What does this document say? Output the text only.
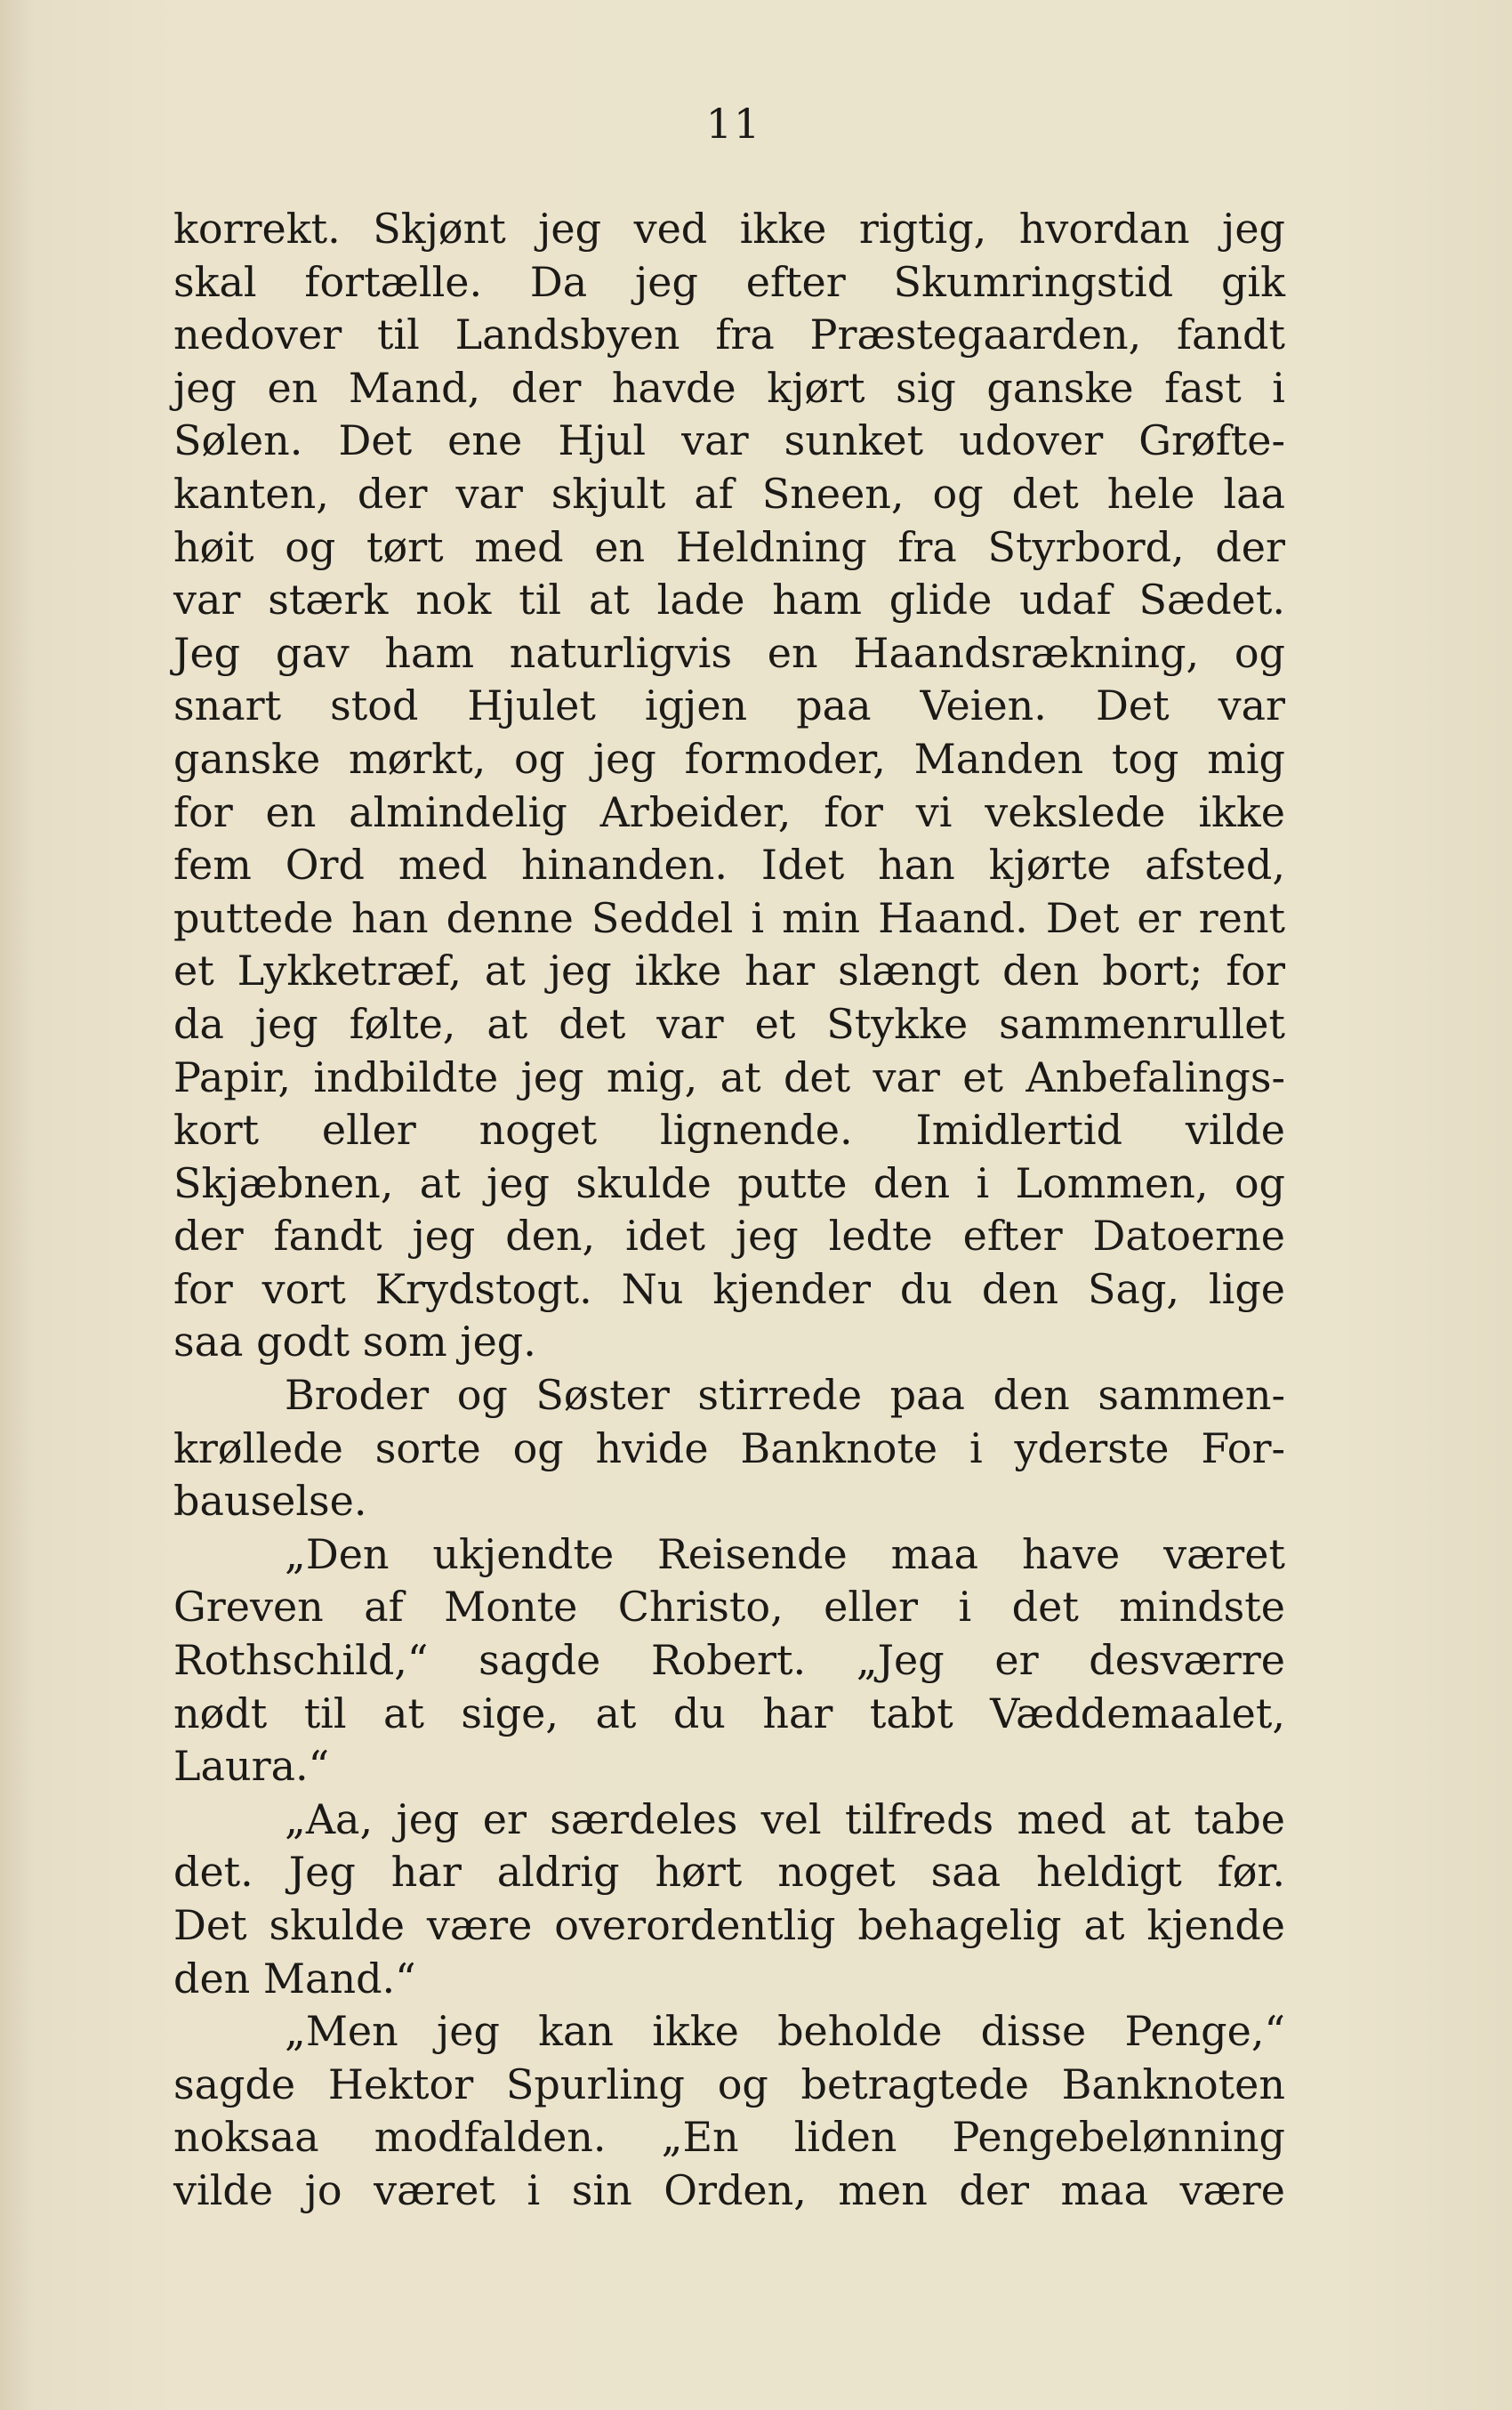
11
korrekt. Skjønt jeg ved ikke rigtig, hvordan jeg
skal fortælle. Da jeg efter Skumringstid gik
nedover til Landsbyen fra Præstegaarden, fandt
jeg en Mand, der havde kjørt sig ganske fast i
Sølen. Det ene Hjul var sunket udover Grøfte-
kanten, der var skjult af Sneen, og det hele laa
høit og tørt med en Heldning fra Styrbord, der
var stærk nok til at lade ham glide udaf Sædet.
Jeg gav ham naturligvis en Haandsrækning, og
snart stod Hjulet igjen paa Veien. Det var
ganske mørkt, og jeg formoder, Manden tog mig
for en almindelig Arbeider, for vi vekslede ikke
fem Ord med hinanden. Idet han kjørte afsted,
puttede han denne Seddel i min Haand. Det er rent
et Lykketræf, at jeg ikke har slængt den bort; for
da jeg følte, at det var et Stykke sammenrullet
Papir, indbildte jeg mig, at det var et Anbefalings-
kort eller noget lignende. Imidlertid vilde
Skjæbnen, at jeg skulde putte den i Lommen, og
der fandt jeg den, idet jeg ledte efter Datoerne
for vort Krydstogt. Nu kjender du den Sag, lige
saa godt som jeg.
Broder og Søster stirrede paa den sammen-
krøllede sorte og hvide Banknote i yderste For-
bauselse.
„Den ukjendte Reisende maa have været
Greven af Monte Christo, eller i det mindste
Rothschild,“ sagde Robert. „Jeg er desværre
nødt til at sige, at du har tabt Væddemaalet,
Laura.“
„Aa, jeg er særdeles vel tilfreds med at tabe
det. Jeg har aldrig hørt noget saa heldigt før.
Det skulde være overordentlig behagelig at kjende
den Mand.“
„Men jeg kan ikke beholde disse Penge,“
sagde Hektor Spurling og betragtede Banknoten
noksaa modfalden. „En liden Pengebelønning
vilde jo været i sin Orden, men der maa være
